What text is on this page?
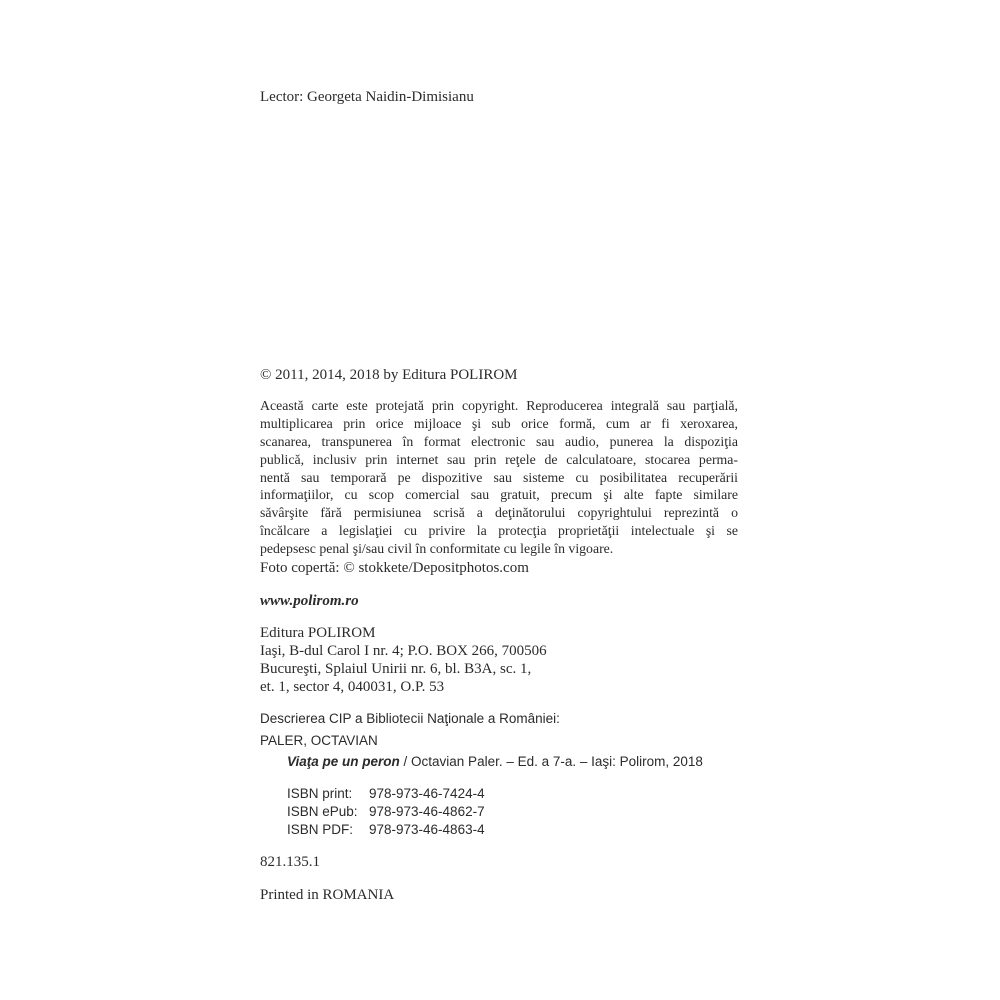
Lector: Georgeta Naidin-Dimisianu
© 2011, 2014, 2018 by Editura POLIROM
Această carte este protejată prin copyright. Reproducerea integrală sau parţială,
multiplicarea prin orice mijloace şi sub orice formă, cum ar fi xeroxarea,
scanarea, transpunerea în format electronic sau audio, punerea la dispoziţia
publică, inclusiv prin internet sau prin reţele de calculatoare, stocarea perma-
nentă sau temporară pe dispozitive sau sisteme cu posibilitatea recuperării
informaţiilor, cu scop comercial sau gratuit, precum şi alte fapte similare
săvârşite fără permisiunea scrisă a deţinătorului copyrightului reprezintă o
încălcare a legislaţiei cu privire la protecţia proprietăţii intelectuale şi se
pedepsesc penal şi/sau civil în conformitate cu legile în vigoare.
Foto copertă: © stokkete/Depositphotos.com
www.polirom.ro
Editura POLIROM
Iaşi, B-dul Carol I nr. 4; P.O. BOX 266, 700506
Bucureşti, Splaiul Unirii nr. 6, bl. B3A, sc. 1,
et. 1, sector 4, 040031, O.P. 53
Descrierea CIP a Bibliotecii Naţionale a României:
PALER, OCTAVIAN
Viaţa pe un peron / Octavian Paler. – Ed. a 7-a. – Iaşi: Polirom, 2018
ISBN print: 978-973-46-7424-4
ISBN ePub: 978-973-46-4862-7
ISBN PDF: 978-973-46-4863-4
821.135.1
Printed in ROMANIA
